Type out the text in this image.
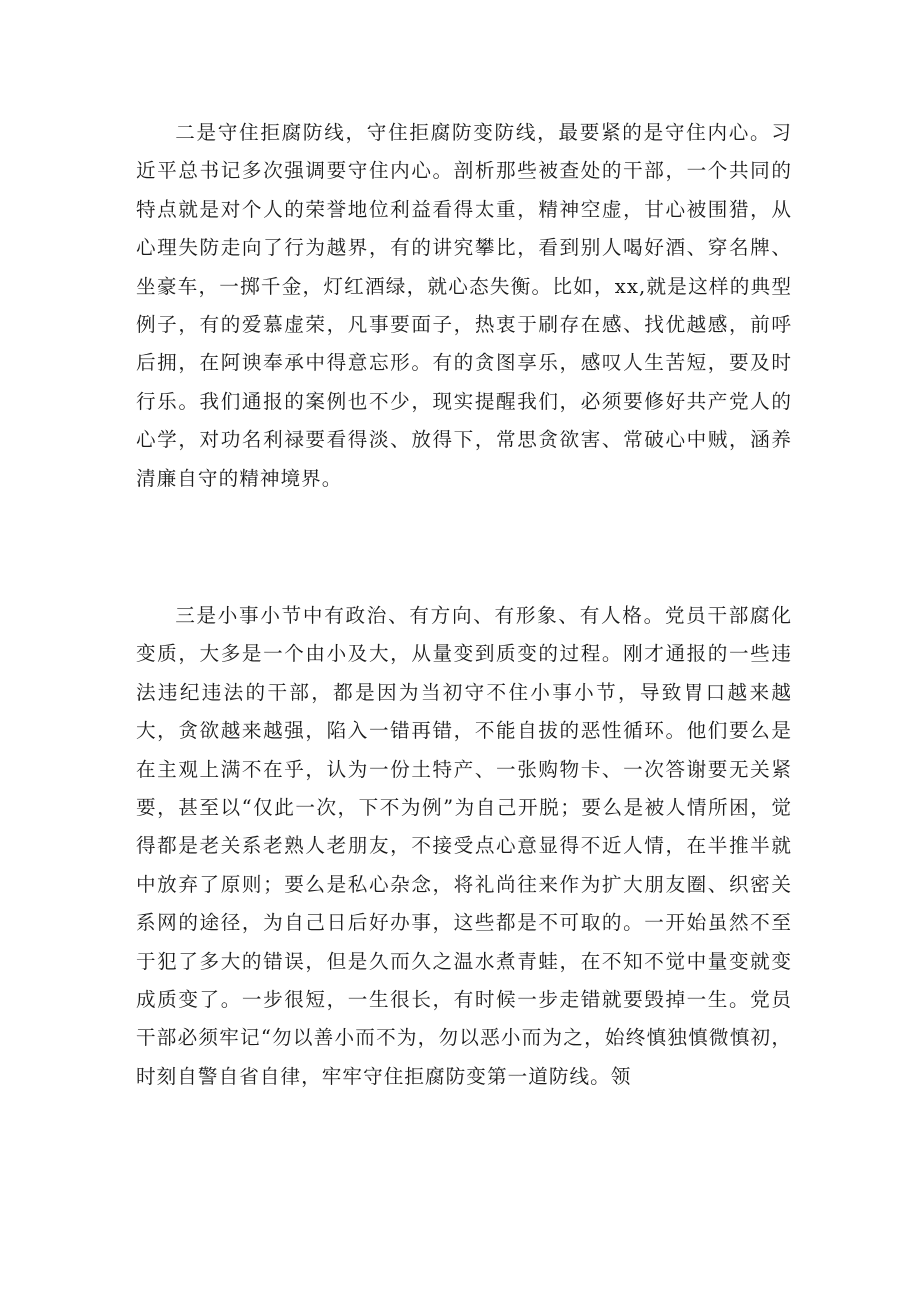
二是守住拒腐防线，守住拒腐防变防线，最要紧的是守住内心。习近平总书记多次强调要守住内心。剖析那些被查处的干部，一个共同的特点就是对个人的荣誉地位利益看得太重，精神空虚，甘心被围猎，从心理失防走向了行为越界，有的讲究攀比，看到别人喝好酒、穿名牌、坐豪车，一掷千金，灯红酒绿，就心态失衡。比如，xx,就是这样的典型例子，有的爱慕虚荣，凡事要面子，热衷于刷存在感、找优越感，前呼后拥，在阿谀奉承中得意忘形。有的贪图享乐，感叹人生苦短，要及时行乐。我们通报的案例也不少，现实提醒我们，必须要修好共产党人的心学，对功名利禄要看得淡、放得下，常思贪欲害、常破心中贼，涵养清廉自守的精神境界。

三是小事小节中有政治、有方向、有形象、有人格。党员干部腐化变质，大多是一个由小及大，从量变到质变的过程。刚才通报的一些违法违纪违法的干部，都是因为当初守不住小事小节，导致胃口越来越大，贪欲越来越强，陷入一错再错，不能自拔的恶性循环。他们要么是在主观上满不在乎，认为一份土特产、一张购物卡、一次答谢要无关紧要，甚至以“仅此一次，下不为例”为自己开脱；要么是被人情所困，觉得都是老关系老熟人老朋友，不接受点心意显得不近人情，在半推半就中放弃了原则；要么是私心杂念，将礼尚往来作为扩大朋友圈、织密关系网的途径，为自己日后好办事，这些都是不可取的。一开始虽然不至于犯了多大的错误，但是久而久之温水煮青蛙，在不知不觉中量变就变成质变了。一步很短，一生很长，有时候一步走错就要毁掉一生。党员干部必须牢记“勿以善小而不为，勿以恶小而为之，始终慎独慎微慎初，时刻自警自省自律，牢牢守住拒腐防变第一道防线。领
